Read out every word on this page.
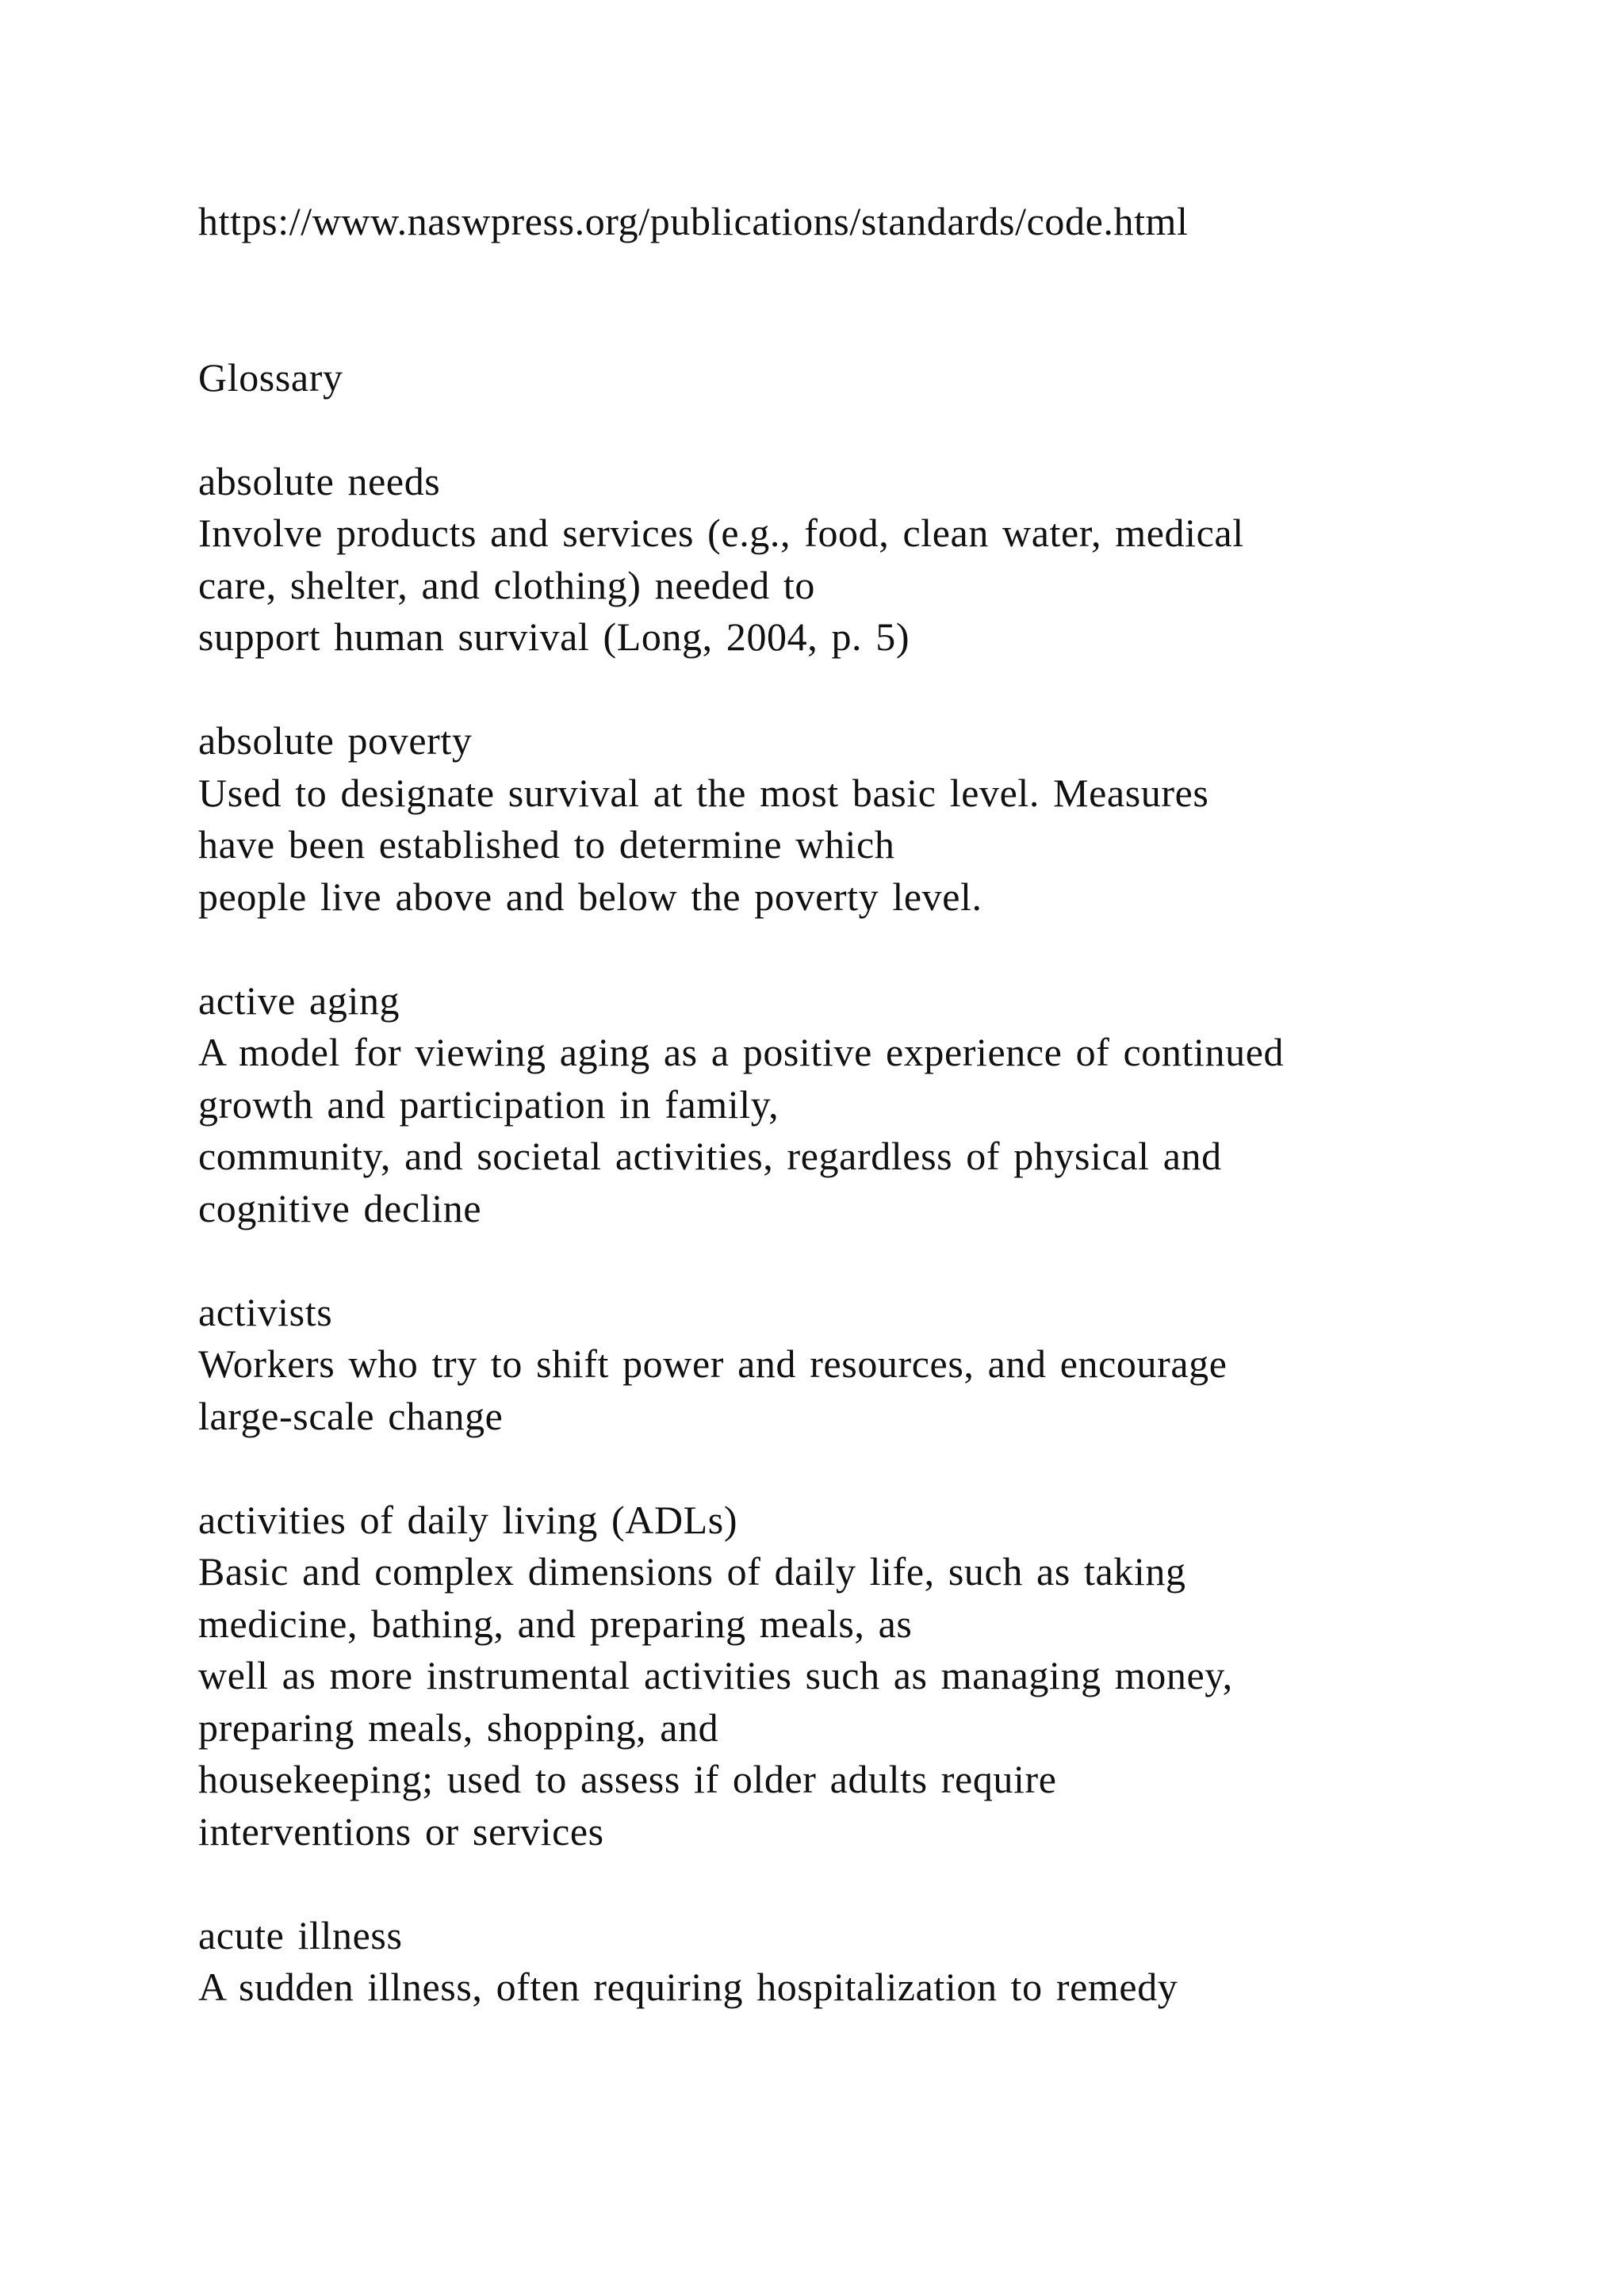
https://www.naswpress.org/publications/standards/code.html
Glossary
absolute needs
Involve products and services (e.g., food, clean water, medical
care, shelter, and clothing) needed to
support human survival (Long, 2004, p. 5)
absolute poverty
Used to designate survival at the most basic level. Measures
have been established to determine which
people live above and below the poverty level.
active aging
A model for viewing aging as a positive experience of continued
growth and participation in family,
community, and societal activities, regardless of physical and
cognitive decline
activists
Workers who try to shift power and resources, and encourage
large-scale change
activities of daily living (ADLs)
Basic and complex dimensions of daily life, such as taking
medicine, bathing, and preparing meals, as
well as more instrumental activities such as managing money,
preparing meals, shopping, and
housekeeping; used to assess if older adults require
interventions or services
acute illness
A sudden illness, often requiring hospitalization to remedy
